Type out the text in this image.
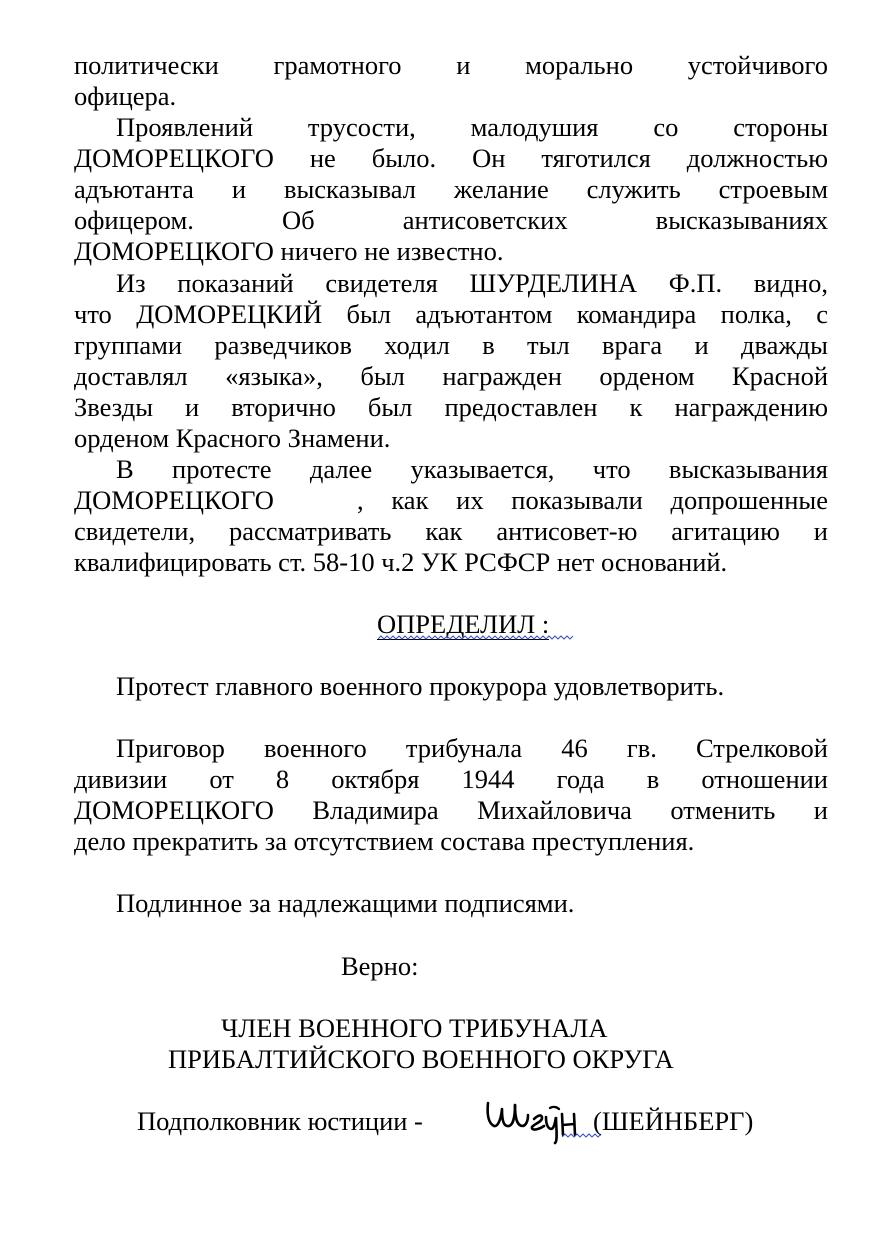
политически грамотного и морально устойчивого
офицера.
Проявлений трусости, малодушия со стороны
ДОМОРЕЦКОГО не было. Он тяготился должностью
адъютанта и высказывал желание служить строевым
офицером. Об антисоветских высказываниях
ДОМОРЕЦКОГО ничего не известно.
Из показаний свидетеля ШУРДЕЛИНА Ф.П. видно,
что ДОМОРЕЦКИЙ был адъютантом командира полка, с
группами разведчиков ходил в тыл врага и дважды
доставлял «языка», был награжден орденом Красной
Звезды и вторично был предоставлен к награждению
орденом Красного Знамени.
В протесте далее указывается, что высказывания
ДОМОРЕЦКОГО   , как их показывали допрошенные
свидетели, рассматривать как антисовет-ю агитацию и
квалифицировать ст. 58-10 ч.2 УК РСФСР нет оснований.
ОПРЕДЕЛИЛ :
Протест главного военного прокурора удовлетворить.
Приговор военного трибунала 46 гв. Стрелковой
дивизии от 8 октября 1944 года в отношении
ДОМОРЕЦКОГО Владимира Михайловича отменить и
дело прекратить за отсутствием состава преступления.
Подлинное за надлежащими подписями.
Верно:
ЧЛЕН ВОЕННОГО ТРИБУНАЛА
ПРИБАЛТИЙСКОГО ВОЕННОГО ОКРУГА
Подполковник юстиции -	(ШЕЙНБЕРГ)
